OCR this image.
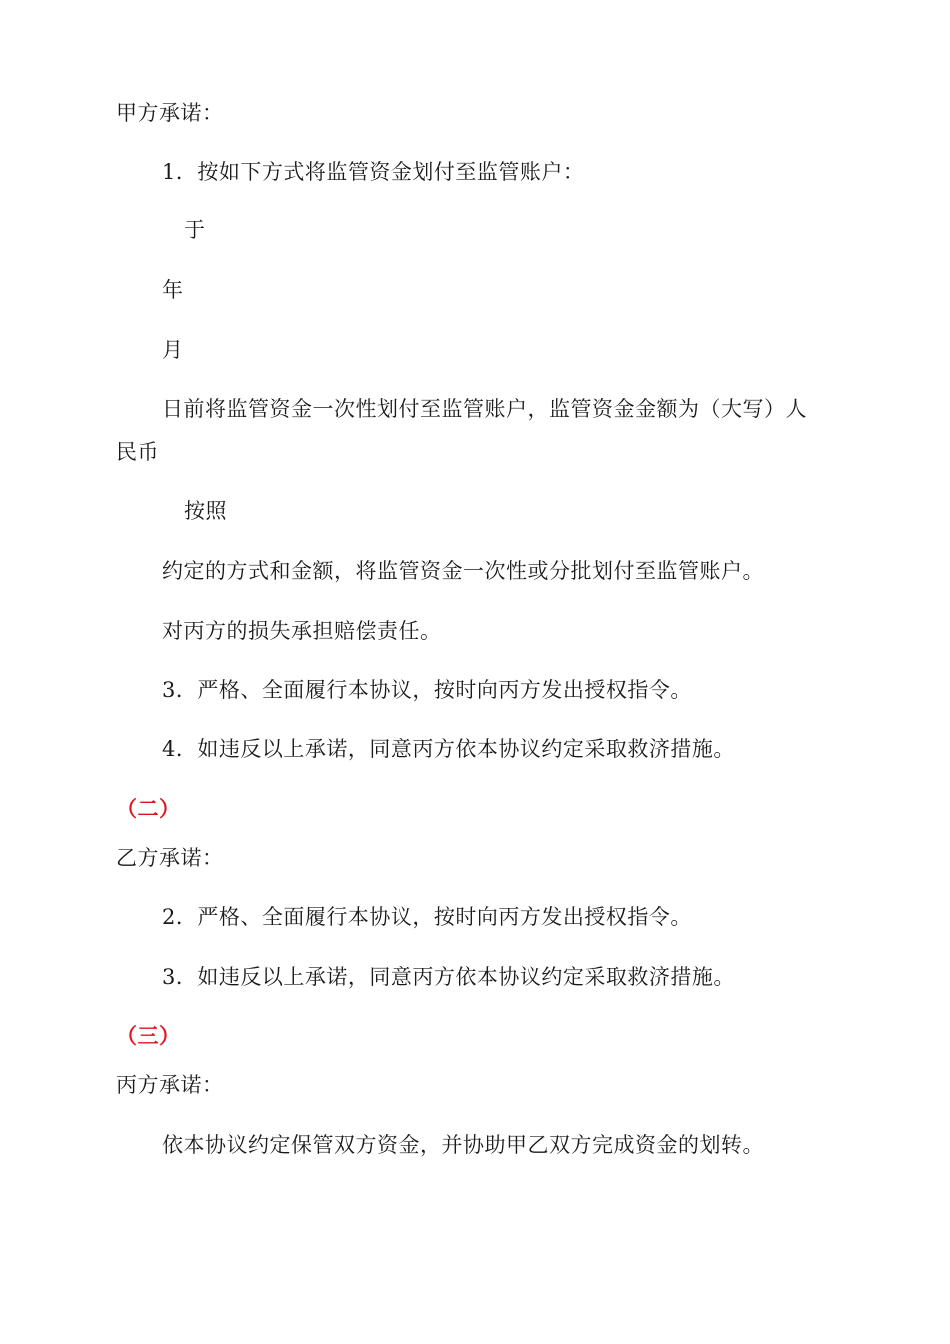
甲方承诺：
1．按如下方式将监管资金划付至监管账户：
于
年
月
日前将监管资金一次性划付至监管账户，监管资金金额为（大写）人
民币
按照
约定的方式和金额，将监管资金一次性或分批划付至监管账户。
对丙方的损失承担赔偿责任。
3．严格、全面履行本协议，按时向丙方发出授权指令。
4．如违反以上承诺，同意丙方依本协议约定采取救济措施。
（二）
乙方承诺：
2．严格、全面履行本协议，按时向丙方发出授权指令。
3．如违反以上承诺，同意丙方依本协议约定采取救济措施。
（三）
丙方承诺：
依本协议约定保管双方资金，并协助甲乙双方完成资金的划转。
